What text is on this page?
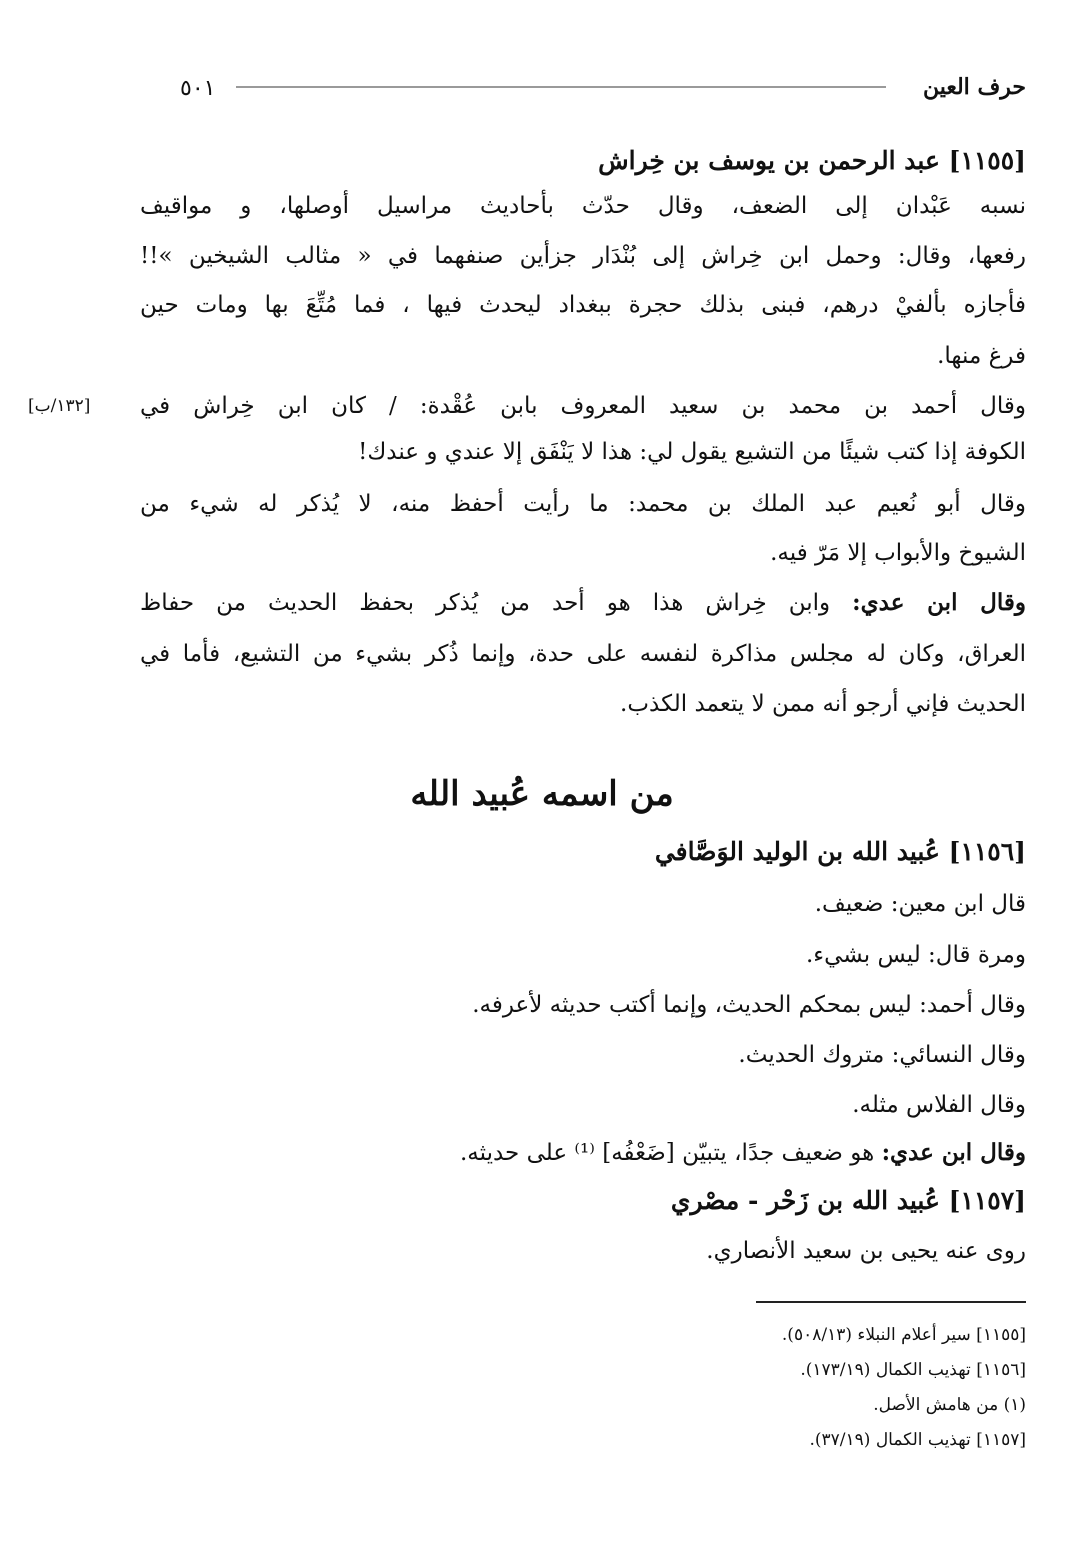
حرف العين
٥٠١
[١١٥٥] عبد الرحمن بن يوسف بن خِراش
نسبه عَبْدان إلى الضعف، وقال حدّث بأحاديث مراسيل أوصلها، و مواقيف
رفعها، وقال: وحمل ابن خِراش إلى بُنْدَار جزأين صنفهما في « مثالب الشيخين »!!
فأجازه بألفيْ درهم، فبنى بذلك حجرة ببغداد ليحدث فيها ، فما مُتِّعَ بها ومات حين
فرغ منها.
[١٣٢/ب] وقال أحمد بن محمد بن سعيد المعروف بابن عُقْدة: / كان ابن خِراش في
الكوفة إذا كتب شيئًا من التشيع يقول لي: هذا لا يَنْفَق إلا عندي و عندك!
وقال أبو نُعيم عبد الملك بن محمد: ما رأيت أحفظ منه، لا يُذكر له شيء من
الشيوخ والأبواب إلا مَرّ فيه.
وقال ابن عدي: وابن خِراش هذا هو أحد من يُذكر بحفظ الحديث من حفاظ
العراق، وكان له مجلس مذاكرة لنفسه على حدة، وإنما ذُكر بشيء من التشيع، فأما في
الحديث فإني أرجو أنه ممن لا يتعمد الكذب.
من اسمه عُبيد الله
[١١٥٦] عُبيد الله بن الوليد الوَصَّافي
قال ابن معين: ضعيف.
ومرة قال: ليس بشيء.
وقال أحمد: ليس بمحكم الحديث، وإنما أكتب حديثه لأعرفه.
وقال النسائي: متروك الحديث.
وقال الفلاس مثله.
وقال ابن عدي: هو ضعيف جدًا، يتبيّن [ضَعْفُه] ⁽¹⁾ على حديثه.
[١١٥٧] عُبيد الله بن زَحْر - مصْري
روى عنه يحيى بن سعيد الأنصاري.
[١١٥٥] سير أعلام النبلاء (٥٠٨/١٣).
[١١٥٦] تهذيب الكمال (١٧٣/١٩).
(١) من هامش الأصل.
[١١٥٧] تهذيب الكمال (٣٧/١٩).
